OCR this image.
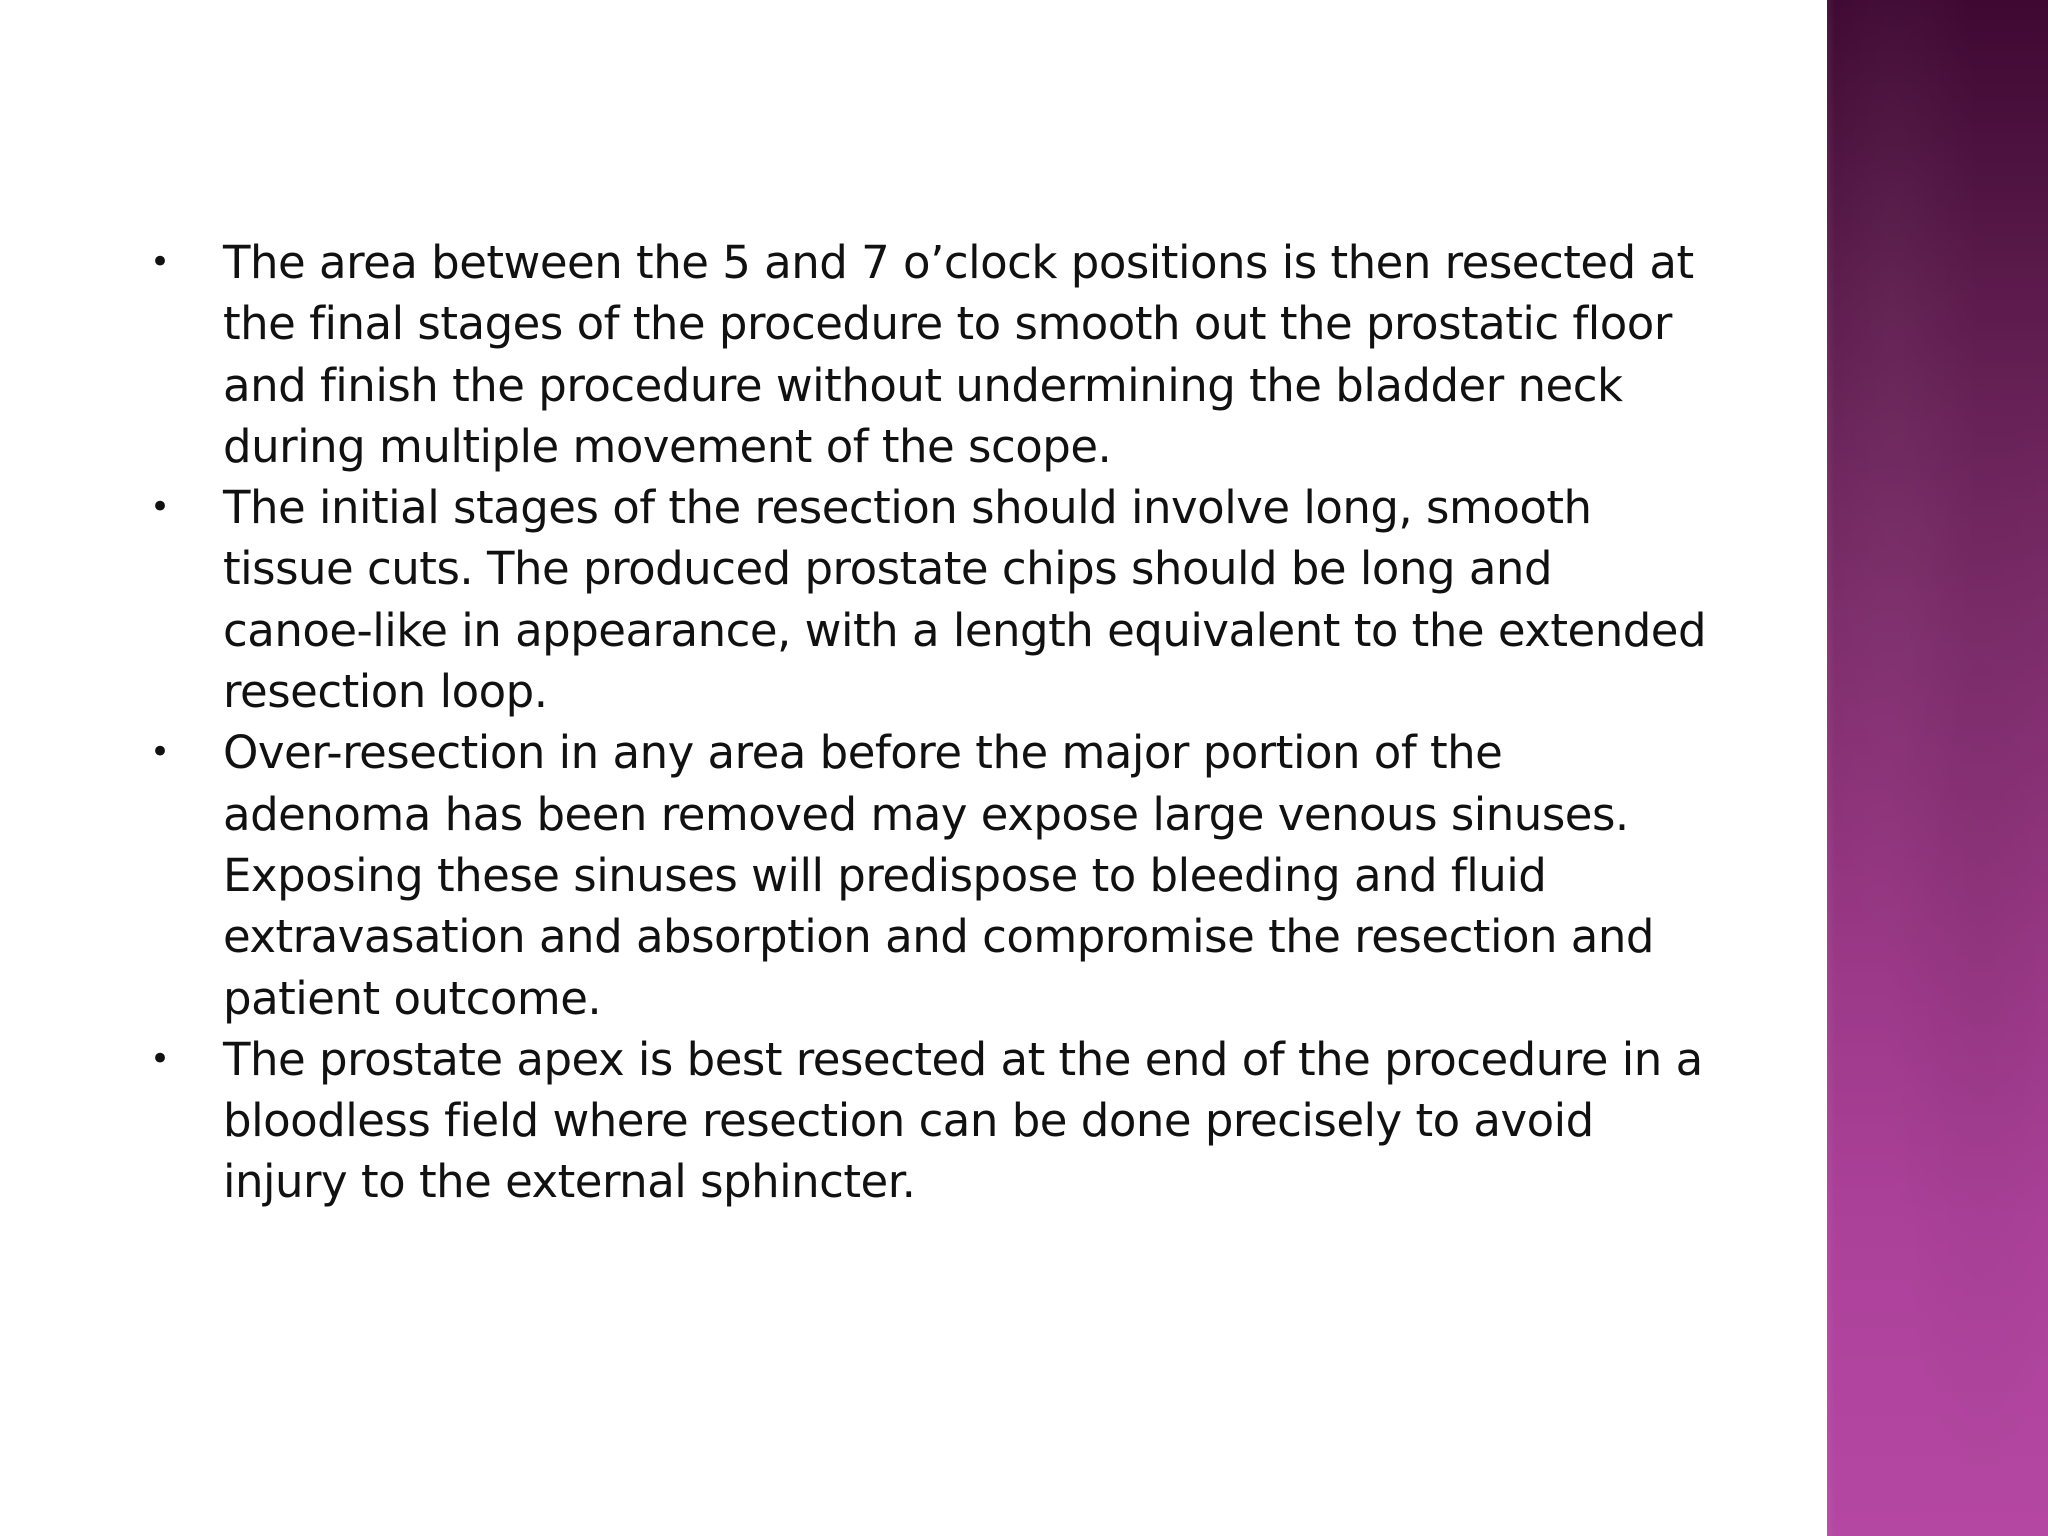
• The area between the 5 and 7 o’clock positions is then resected at the final stages of the procedure to smooth out the prostatic floor and finish the procedure without undermining the bladder neck during multiple movement of the scope.
• The initial stages of the resection should involve long, smooth tissue cuts. The produced prostate chips should be long and canoe-like in appearance, with a length equivalent to the extended resection loop.
• Over-resection in any area before the major portion of the adenoma has been removed may expose large venous sinuses. Exposing these sinuses will predispose to bleeding and fluid extravasation and absorption and compromise the resection and patient outcome.
• The prostate apex is best resected at the end of the procedure in a bloodless field where resection can be done precisely to avoid injury to the external sphincter.
